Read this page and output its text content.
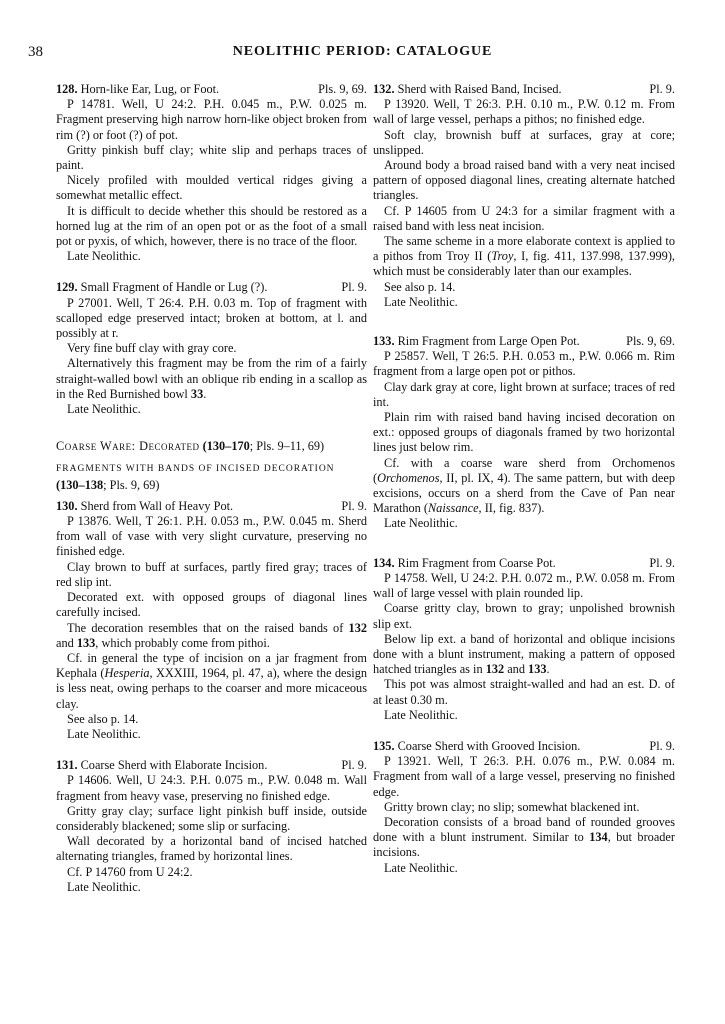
38	NEOLITHIC PERIOD: CATALOGUE
128. Horn-like Ear, Lug, or Foot.	Pls. 9, 69.

P 14781. Well, U 24:2. P.H. 0.045 m., P.W. 0.025 m. Fragment preserving high narrow horn-like object broken from rim (?) or foot (?) of pot.

Gritty pinkish buff clay; white slip and perhaps traces of paint.

Nicely profiled with moulded vertical ridges giving a somewhat metallic effect.

It is difficult to decide whether this should be restored as a horned lug at the rim of an open pot or as the foot of a small pot or pyxis, of which, however, there is no trace of the floor.

Late Neolithic.

129. Small Fragment of Handle or Lug (?).	Pl. 9.

P 27001. Well, T 26:4. P.H. 0.03 m. Top of fragment with scalloped edge preserved intact; broken at bottom, at l. and possibly at r.

Very fine buff clay with gray core.

Alternatively this fragment may be from the rim of a fairly straight-walled bowl with an oblique rib ending in a scallop as in the Red Burnished bowl 33.

Late Neolithic.

Coarse Ware: Decorated (130–170; Pls. 9–11, 69)
FRAGMENTS WITH BANDS OF INCISED DECORATION
(130–138; Pls. 9, 69)
130. Sherd from Wall of Heavy Pot.	Pl. 9.

P 13876. Well, T 26:1. P.H. 0.053 m., P.W. 0.045 m. Sherd from wall of vase with very slight curvature, preserving no finished edge.

Clay brown to buff at surfaces, partly fired gray; traces of red slip int.

Decorated ext. with opposed groups of diagonal lines carefully incised.

The decoration resembles that on the raised bands of 132 and 133, which probably come from pithoi.

Cf. in general the type of incision on a jar fragment from Kephala (Hesperia, XXXIII, 1964, pl. 47, a), where the design is less neat, owing perhaps to the coarser and more micaceous clay.

See also p. 14.

Late Neolithic.

131. Coarse Sherd with Elaborate Incision.	Pl. 9.

P 14606. Well, U 24:3. P.H. 0.075 m., P.W. 0.048 m. Wall fragment from heavy vase, preserving no finished edge.

Gritty gray clay; surface light pinkish buff inside, outside considerably blackened; some slip or surfacing.

Wall decorated by a horizontal band of incised hatched alternating triangles, framed by horizontal lines.

Cf. P 14760 from U 24:2.

Late Neolithic.

132. Sherd with Raised Band, Incised.	Pl. 9.

P 13920. Well, T 26:3. P.H. 0.10 m., P.W. 0.12 m. From wall of large vessel, perhaps a pithos; no finished edge.

Soft clay, brownish buff at surfaces, gray at core; unslipped.

Around body a broad raised band with a very neat incised pattern of opposed diagonal lines, creating alternate hatched triangles.

Cf. P 14605 from U 24:3 for a similar fragment with a raised band with less neat incision.

The same scheme in a more elaborate context is applied to a pithos from Troy II (Troy, I, fig. 411, 137.998, 137.999), which must be considerably later than our examples.

See also p. 14.

Late Neolithic.

133. Rim Fragment from Large Open Pot.	Pls. 9, 69.

P 25857. Well, T 26:5. P.H. 0.053 m., P.W. 0.066 m. Rim fragment from a large open pot or pithos.

Clay dark gray at core, light brown at surface; traces of red int.

Plain rim with raised band having incised decoration on ext.: opposed groups of diagonals framed by two horizontal lines just below rim.

Cf. with a coarse ware sherd from Orchomenos (Orchomenos, II, pl. IX, 4). The same pattern, but with deep excisions, occurs on a sherd from the Cave of Pan near Marathon (Naissance, II, fig. 837).

Late Neolithic.

134. Rim Fragment from Coarse Pot.	Pl. 9.

P 14758. Well, U 24:2. P.H. 0.072 m., P.W. 0.058 m. From wall of large vessel with plain rounded lip.

Coarse gritty clay, brown to gray; unpolished brownish slip ext.

Below lip ext. a band of horizontal and oblique incisions done with a blunt instrument, making a pattern of opposed hatched triangles as in 132 and 133.

This pot was almost straight-walled and had an est. D. of at least 0.30 m.

Late Neolithic.

135. Coarse Sherd with Grooved Incision.	Pl. 9.

P 13921. Well, T 26:3. P.H. 0.076 m., P.W. 0.084 m. Fragment from wall of a large vessel, preserving no finished edge.

Gritty brown clay; no slip; somewhat blackened int.

Decoration consists of a broad band of rounded grooves done with a blunt instrument. Similar to 134, but broader incisions.

Late Neolithic.
